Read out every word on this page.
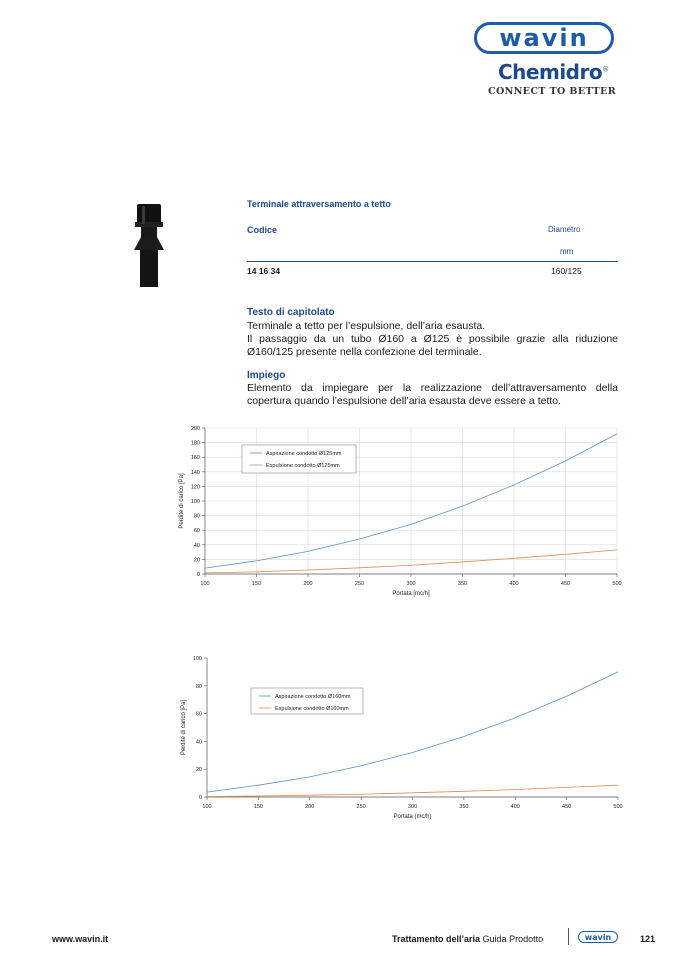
wavin
Chemidro®
CONNECT TO BETTER
Terminale attraversamento a tetto
Codice	Diametro
mm
14 16 34	160/125
Testo di capitolato
Terminale a tetto per l’espulsione, dell’aria esausta.
Il passaggio da un tubo Ø160 a Ø125 è possibile grazie alla riduzione Ø160/125 presente nella confezione del terminale.
Impiego
Elemento da impiegare per la realizzazione dell’attraversamento della copertura quando l’espulsione dell’aria esausta deve essere a tetto.
0
20
40
60
80
100
120
140
160
180
200
100	150	200	250	300	350	400	450	500
Portata [mc/h]
Perdite di carico [Pa]
Aspirazione condotto Ø125mm
Espulsione condotto Ø125mm
0
20
40
60
80
100
100	150	200	250	300	350	400	450	500
Portata (mc/h)
Perdite di carico [Pa]
Aspirazione condotto Ø160mm
Espulsione condotto Ø160mm
www.wavin.it	Trattamento dell’aria Guida Prodotto	wavin	121
